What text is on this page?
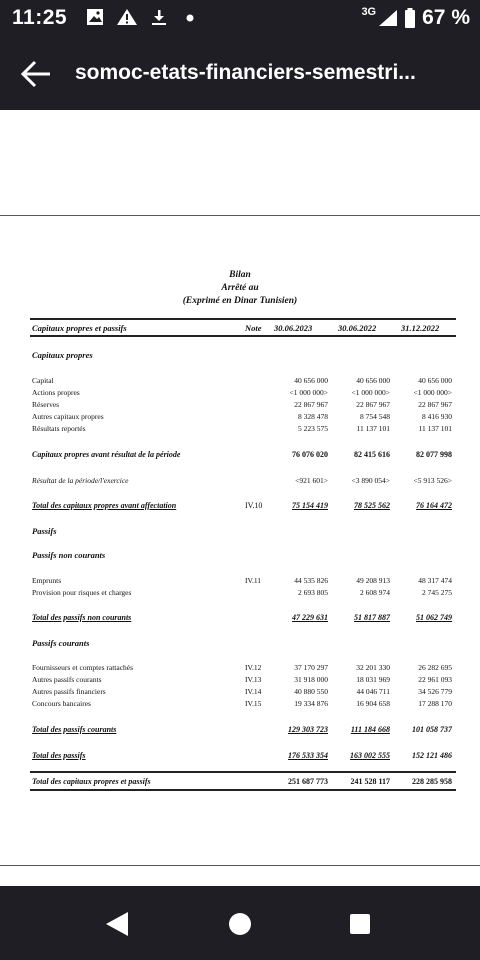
11:25	3G 67 %
somoc-etats-financiers-semestri...
Bilan
Arrêté au
(Exprimé en Dinar Tunisien)
Capitaux propres et passifs	Note 30.06.2023	30.06.2022	31.12.2022
Capitaux propres
Capital	40 656 000	40 656 000	40 656 000
Actions propres	<1 000 000>	<1 000 000>	<1 000 000>
Réserves	22 867 967	22 867 967	22 867 967
Autres capitaux propres	8 328 478	8 754 548	8 416 930
Résultats reportés	5 223 575	11 137 101	11 137 101
Capitaux propres avant résultat de la période	76 076 020	82 415 616	82 077 998
Résultat de la période/l'exercice	<921 601>	<3 890 054>	<5 913 526>
Total des capitaux propres avant affectation	IV.10	75 154 419	78 525 562	76 164 472
Passifs
Passifs non courants
Emprunts	IV.11	44 535 826	49 208 913	48 317 474
Provision pour risques et charges	2 693 805	2 608 974	2 745 275
Total des passifs non courants	47 229 631	51 817 887	51 062 749
Passifs courants
Fournisseurs et comptes rattachés	IV.12	37 170 297	32 201 330	26 282 695
Autres passifs courants	IV.13	31 918 000	18 031 969	22 961 093
Autres passifs financiers	IV.14	40 880 550	44 046 711	34 526 779
Concours bancaires	IV.15	19 334 876	16 904 658	17 288 170
Total des passifs courants	129 303 723	111 184 668	101 058 737
Total des passifs	176 533 354	163 002 555	152 121 486
Total des capitaux propres et passifs	251 687 773	241 528 117	228 285 958
